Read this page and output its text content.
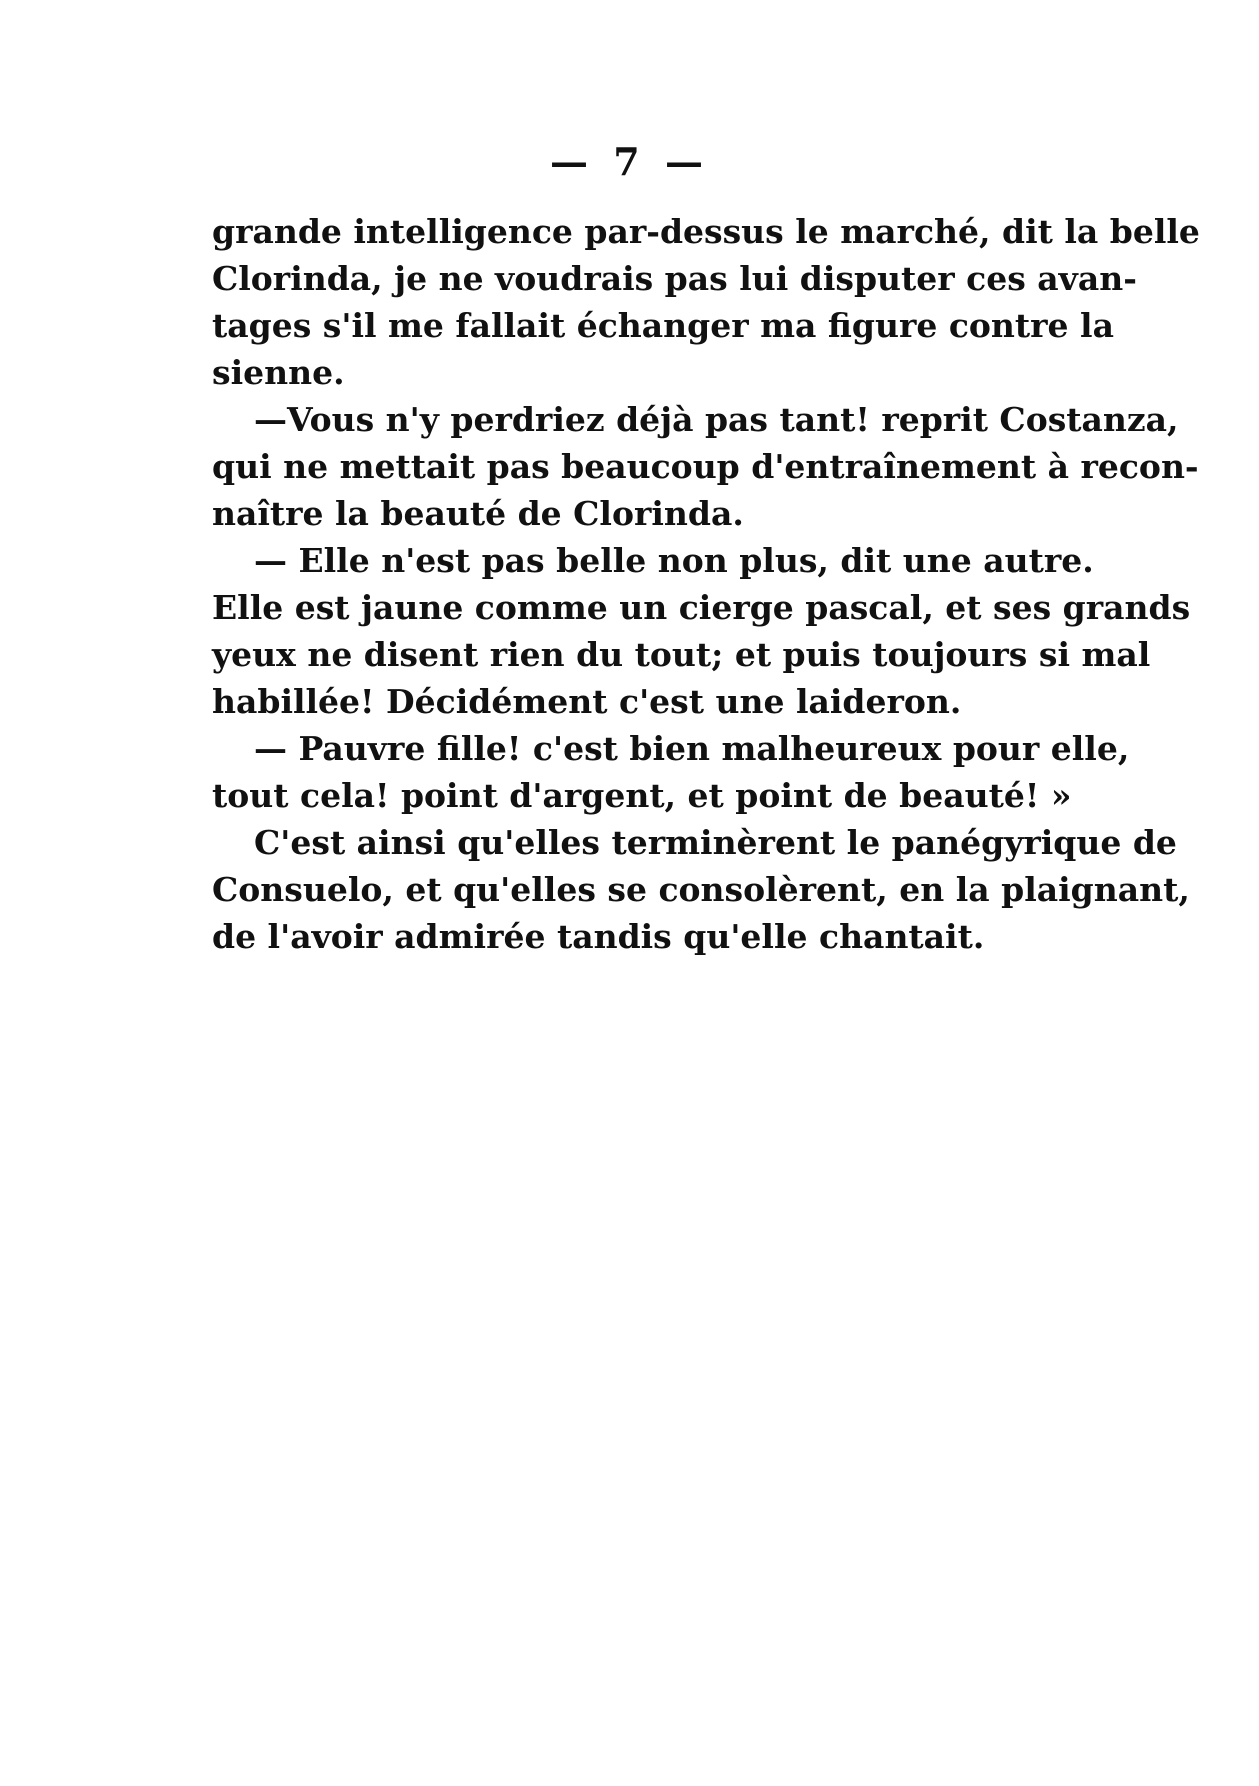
— 7 —
grande intelligence par-dessus le marché, dit la belle
Clorinda, je ne voudrais pas lui disputer ces avan-
tages s'il me fallait échanger ma figure contre la
sienne.
—Vous n'y perdriez déjà pas tant! reprit Costanza,
qui ne mettait pas beaucoup d'entraînement à recon-
naître la beauté de Clorinda.
— Elle n'est pas belle non plus, dit une autre.
Elle est jaune comme un cierge pascal, et ses grands
yeux ne disent rien du tout; et puis toujours si mal
habillée! Décidément c'est une laideron.
— Pauvre fille! c'est bien malheureux pour elle,
tout cela! point d'argent, et point de beauté! »
C'est ainsi qu'elles terminèrent le panégyrique de
Consuelo, et qu'elles se consolèrent, en la plaignant,
de l'avoir admirée tandis qu'elle chantait.
